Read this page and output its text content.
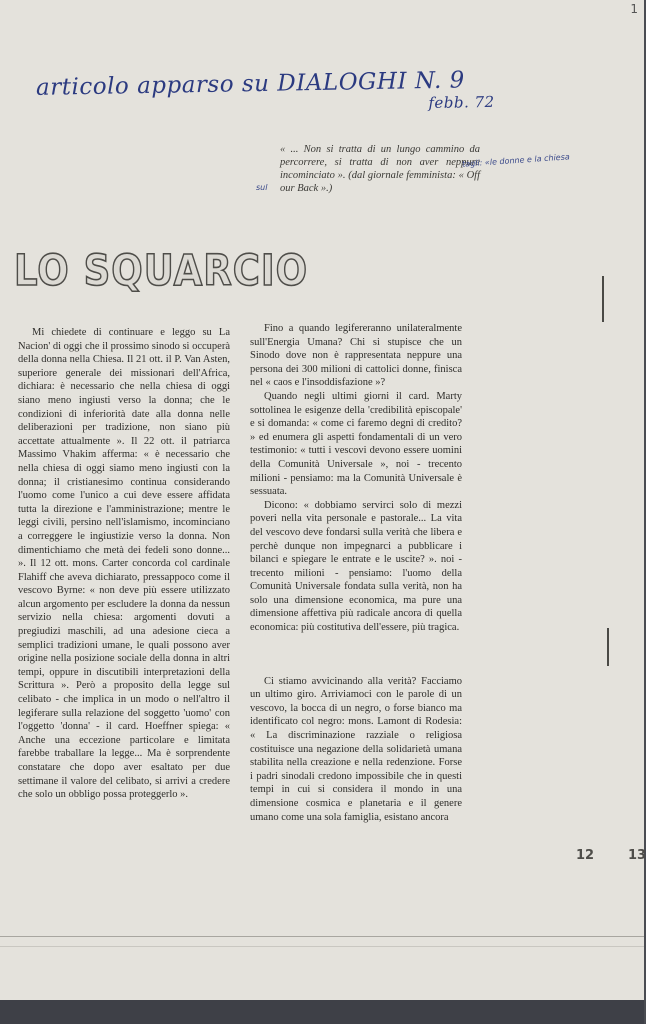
1
articolo apparso su DIALOGHI N. 9
febb. 72
« ... Non si tratta di un lungo cammino da percorrere, si tratta di non aver neppure incominciato ». (dal giornale femminista: « Off our Back ».)
tagli: «le donne e la chiesa
sul
LO SQUARCIO

Mi chiedete di continuare e leggo su La Nacion' di oggi che il prossimo sinodo si occuperà della donna nella Chiesa. Il 21 ott. il P. Van Asten, superiore generale dei missionari dell'Africa, dichiara: è necessario che nella chiesa di oggi siano meno ingiusti verso la donna; che le condizioni di inferiorità date alla donna nelle deliberazioni per tradizione, non siano più accettate attualmente ». Il 22 ott. il patriarca Massimo Vhakim afferma: « è necessario che nella chiesa di oggi siamo meno ingiusti con la donna; il cristianesimo continua considerando l'uomo come l'unico a cui deve essere affidata tutta la direzione e l'amministrazione; mentre le leggi civili, persino nell'islamismo, incominciano a correggere le ingiustizie verso la donna. Non dimentichiamo che metà dei fedeli sono donne... ». Il 12 ott. mons. Carter concorda col cardinale Flahiff che aveva dichiarato, pressappoco come il vescovo Byrne: « non deve più essere utilizzato alcun argomento per escludere la donna da nessun servizio nella chiesa: argomenti dovuti a pregiudizi maschili, ad una adesione cieca a semplici tradizioni umane, le quali possono aver origine nella posizione sociale della donna in altri tempi, oppure in discutibili interpretazioni della Scrittura ». Però a proposito della legge sul celibato - che implica in un modo o nell'altro il legiferare sulla relazione del soggetto 'uomo' con l'oggetto 'donna' - il card. Hoeffner spiega: « Anche una eccezione particolare e limitata farebbe traballare la legge... Ma è sorprendente constatare che dopo aver esaltato per due settimane il valore del celibato, si arrivi a credere che solo un obbligo possa proteggerlo ».

Fino a quando legifereranno unilateralmente sull'Energia Umana? Chi si stupisce che un Sinodo dove non è rappresentata neppure una persona dei 300 milioni di cattolici donne, finisca nel « caos e l'insoddisfazione »?

Quando negli ultimi giorni il card. Marty sottolinea le esigenze della 'credibilità episcopale' e si domanda: « come ci faremo degni di credito? » ed enumera gli aspetti fondamentali di un vero testimonio: « tutti i vescovi devono essere uomini della Comunità Universale », noi - trecento milioni - pensiamo: ma la Comunità Universale è sessuata.

Dicono: « dobbiamo servirci solo di mezzi poveri nella vita personale e pastorale... La vita del vescovo deve fondarsi sulla verità che libera e perchè dunque non impegnarci a pubblicare i bilanci e spiegare le entrate e le uscite? ». noi - trecento milioni - pensiamo: l'uomo della Comunità Universale fondata sulla verità, non ha solo una dimensione economica, ma pure una dimensione affettiva più radicale ancora di quella economica: più costitutiva dell'essere, più tragica.

Ci stiamo avvicinando alla verità? Facciamo un ultimo giro. Arriviamoci con le parole di un vescovo, la bocca di un negro, o forse bianco ma identificato col negro: mons. Lamont di Rodesia: « La discriminazione razziale o religiosa costituisce una negazione della solidarietà umana stabilita nella creazione e nella redenzione. Forse i padri sinodali credono impossibile che in questi tempi in cui si considera il mondo in una dimensione cosmica e planetaria e il genere umano come una sola famiglia, esistano ancora

12	13
